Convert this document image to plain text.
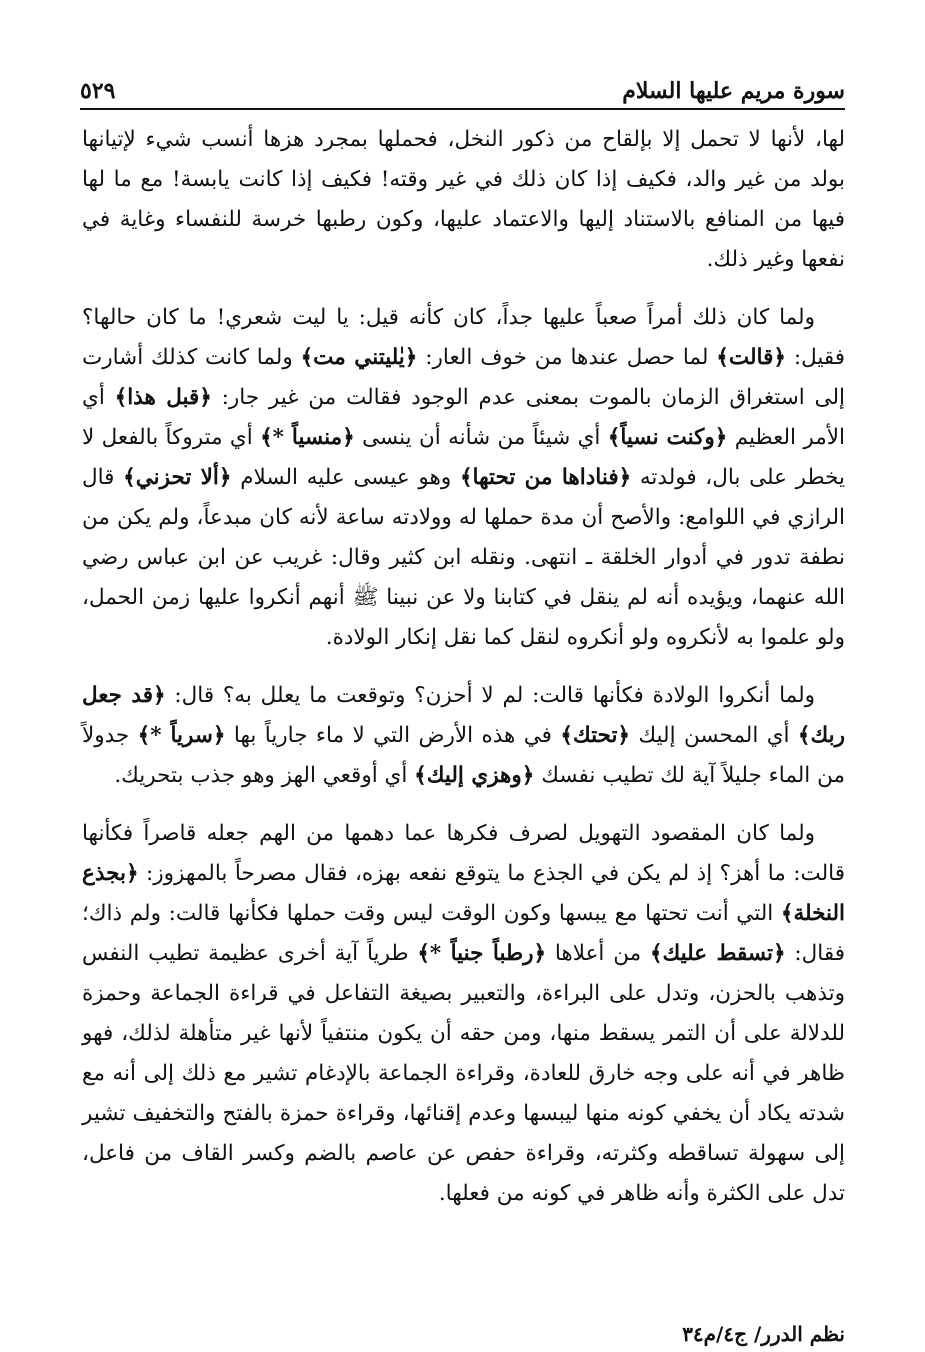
سورة مريم عليها السلام
٥٢٩

لها، لأنها لا تحمل إلا بإلقاح من ذكور النخل، فحملها بمجرد هزها أنسب شيء لإتيانها بولد من غير والد، فكيف إذا كان ذلك في غير وقته! فكيف إذا كانت يابسة! مع ما لها فيها من المنافع بالاستناد إليها والاعتماد عليها، وكون رطبها خرسة للنفساء وغاية في نفعها وغير ذلك.

ولما كان ذلك أمراً صعباً عليها جداً، كان كأنه قيل: يا ليت شعري! ما كان حالها؟ فقيل: ﴿قالت﴾ لما حصل عندها من خوف العار: ﴿يٰليتني مت﴾ ولما كانت كذلك أشارت إلى استغراق الزمان بالموت بمعنى عدم الوجود فقالت من غير جار: ﴿قبل هذا﴾ أي الأمر العظيم ﴿وكنت نسياً﴾ أي شيئاً من شأنه أن ينسى ﴿منسياً *﴾ أي متروكاً بالفعل لا يخطر على بال، فولدته ﴿فناداها من تحتها﴾ وهو عيسى عليه السلام ﴿ألا تحزني﴾ قال الرازي في اللوامع: والأصح أن مدة حملها له وولادته ساعة لأنه كان مبدعاً، ولم يكن من نطفة تدور في أدوار الخلقة ـ انتهى. ونقله ابن كثير وقال: غريب عن ابن عباس رضي الله عنهما، ويؤيده أنه لم ينقل في كتابنا ولا عن نبينا ﷺ أنهم أنكروا عليها زمن الحمل، ولو علموا به لأنكروه ولو أنكروه لنقل كما نقل إنكار الولادة.

ولما أنكروا الولادة فكأنها قالت: لم لا أحزن؟ وتوقعت ما يعلل به؟ قال: ﴿قد جعل ربك﴾ أي المحسن إليك ﴿تحتك﴾ في هذه الأرض التي لا ماء جارياً بها ﴿سرياً *﴾ جدولاً من الماء جليلاً آية لك تطيب نفسك ﴿وهزي إليك﴾ أي أوقعي الهز وهو جذب بتحريك.

ولما كان المقصود التهويل لصرف فكرها عما دهمها من الهم جعله قاصراً فكأنها قالت: ما أهز؟ إذ لم يكن في الجذع ما يتوقع نفعه بهزه، فقال مصرحاً بالمهزوز: ﴿بجذع النخلة﴾ التي أنت تحتها مع يبسها وكون الوقت ليس وقت حملها فكأنها قالت: ولم ذاك؛ فقال: ﴿تسقط عليك﴾ من أعلاها ﴿رطباً جنياً *﴾ طرياً آية أخرى عظيمة تطيب النفس وتذهب بالحزن، وتدل على البراءة، والتعبير بصيغة التفاعل في قراءة الجماعة وحمزة للدلالة على أن التمر يسقط منها، ومن حقه أن يكون منتفياً لأنها غير متأهلة لذلك، فهو ظاهر في أنه على وجه خارق للعادة، وقراءة الجماعة بالإدغام تشير مع ذلك إلى أنه مع شدته يكاد أن يخفي كونه منها ليبسها وعدم إقنائها، وقراءة حمزة بالفتح والتخفيف تشير إلى سهولة تساقطه وكثرته، وقراءة حفص عن عاصم بالضم وكسر القاف من فاعل، تدل على الكثرة وأنه ظاهر في كونه من فعلها.

نظم الدرر/ ج٤/م٣٤
